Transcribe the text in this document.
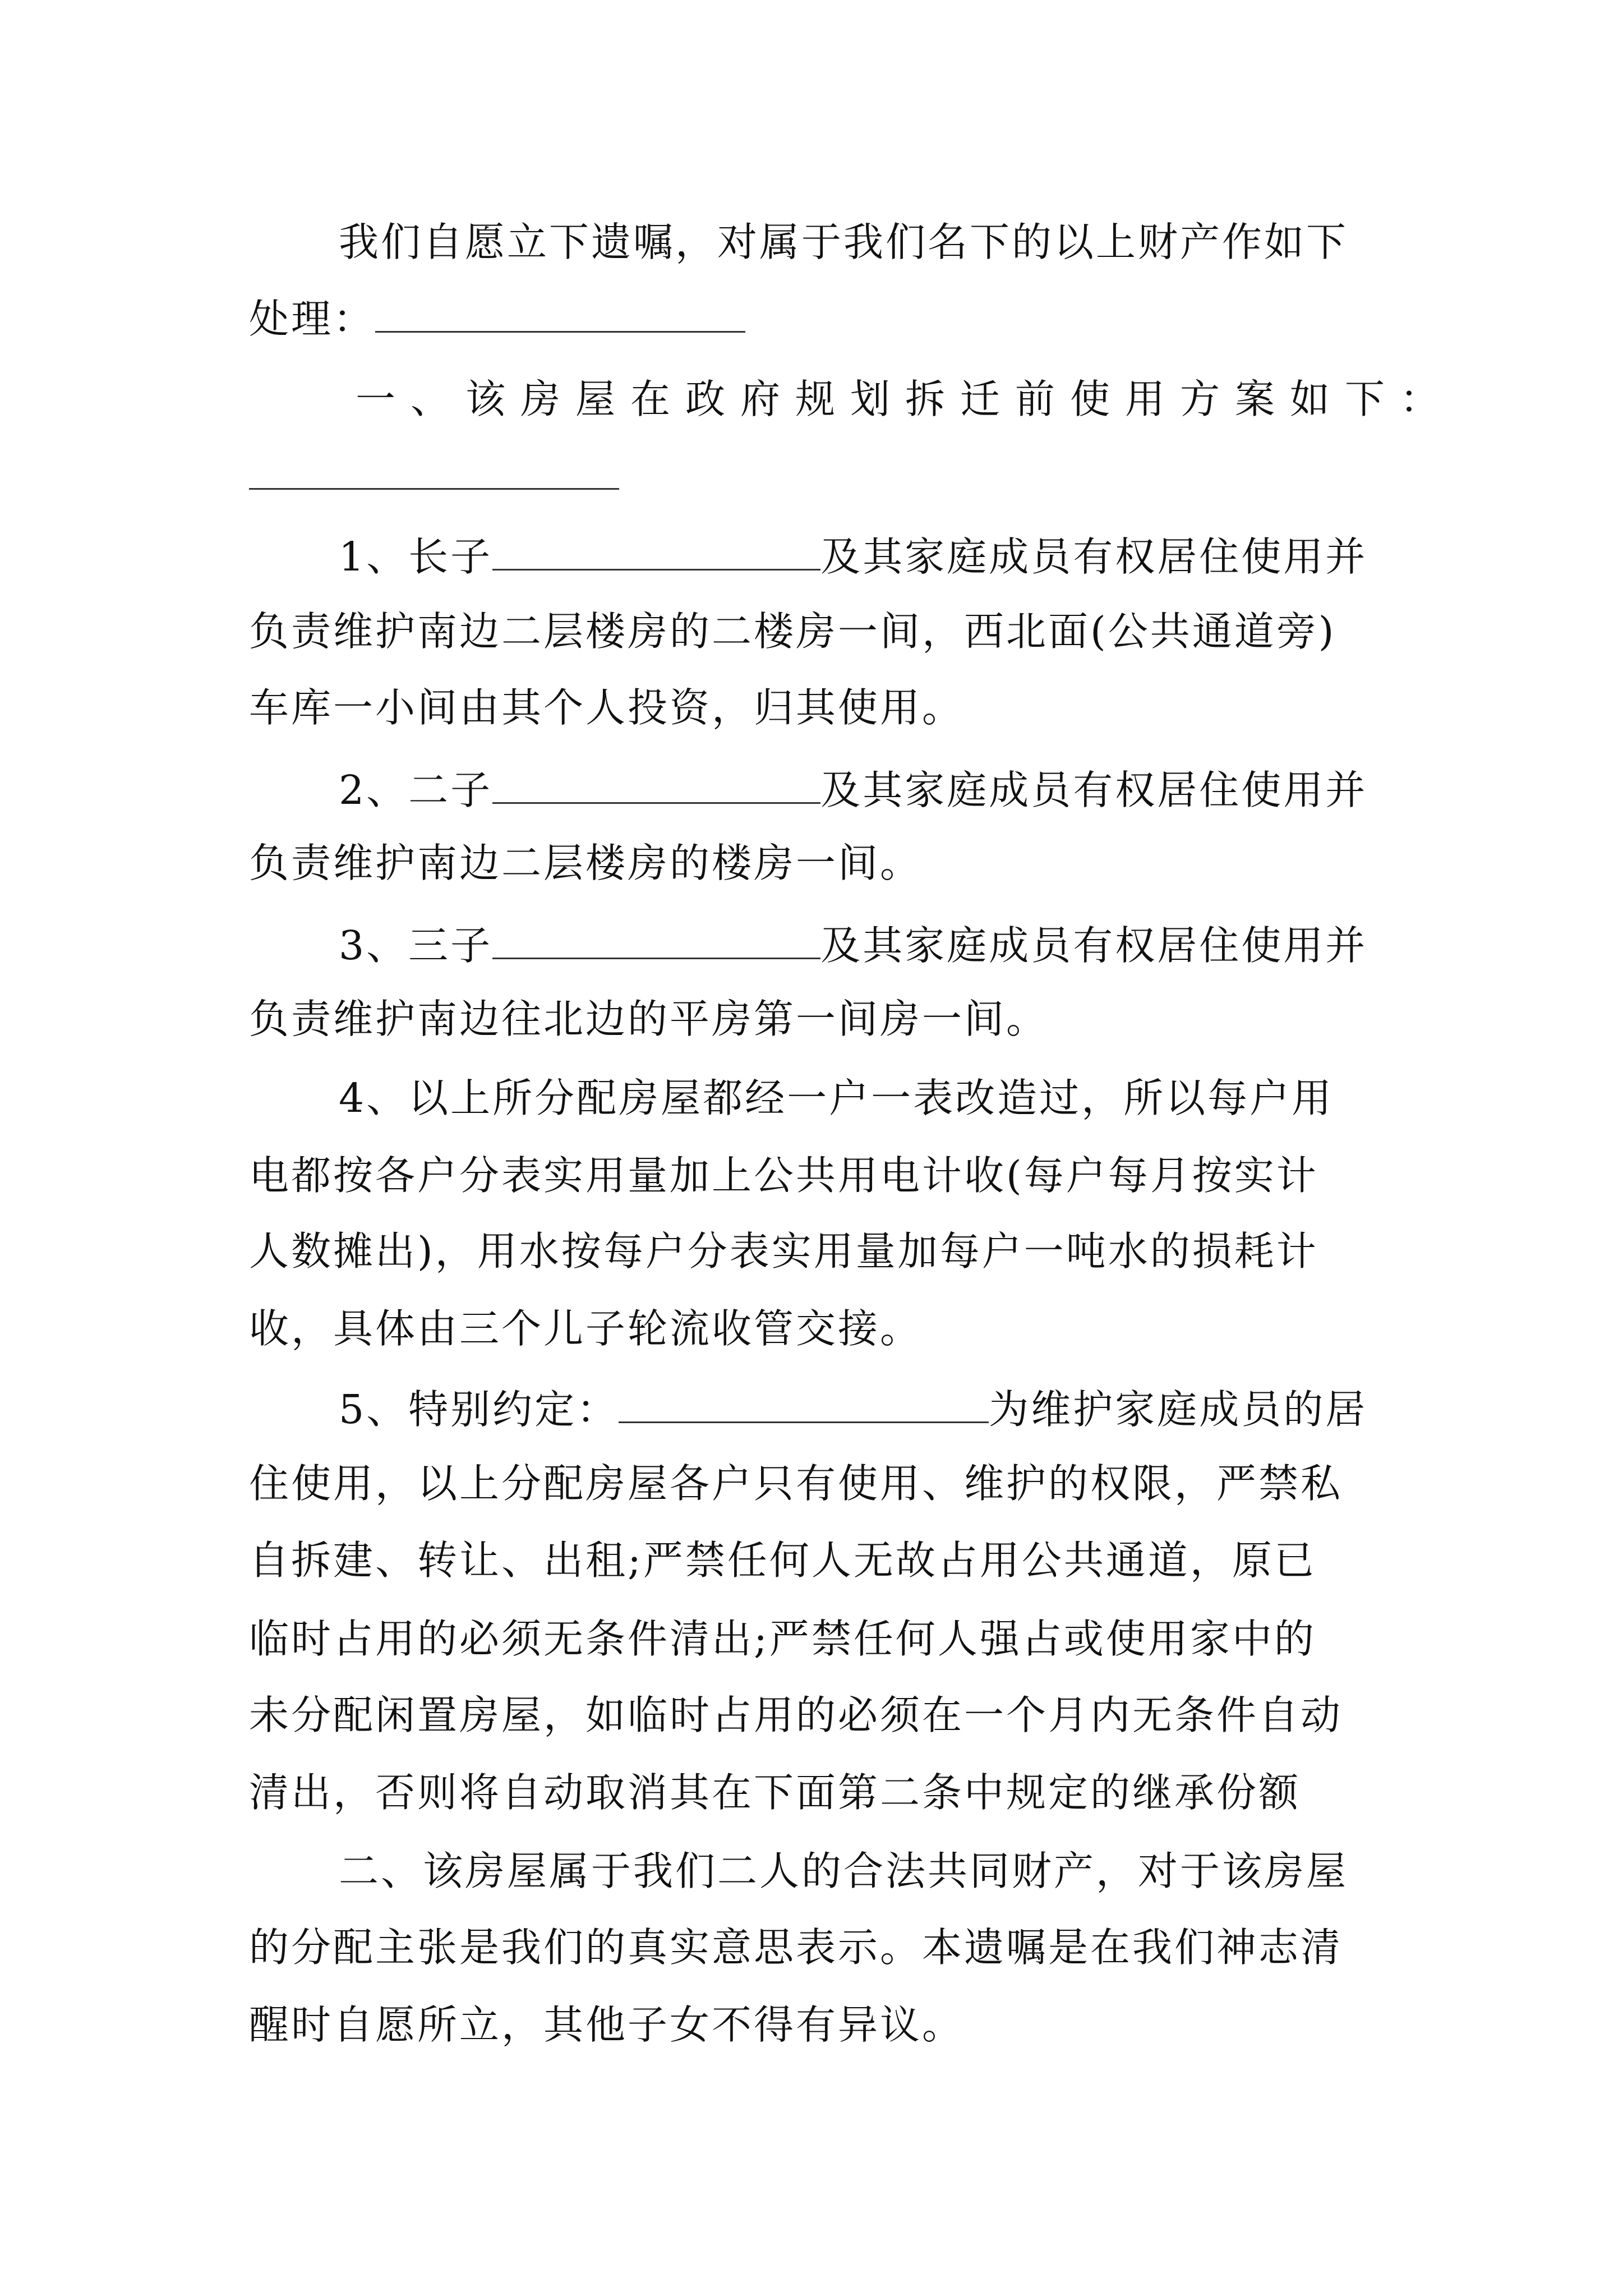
我们自愿立下遗嘱，对属于我们名下的以上财产作如下
处理：
一、该房屋在政府规划拆迁前使用方案如下：
1、长子	及其家庭成员有权居住使用并
负责维护南边二层楼房的二楼房一间，西北面(公共通道旁)
车库一小间由其个人投资，归其使用。
2、二子	及其家庭成员有权居住使用并
负责维护南边二层楼房的楼房一间。
3、三子	及其家庭成员有权居住使用并
负责维护南边往北边的平房第一间房一间。
4、以上所分配房屋都经一户一表改造过，所以每户用
电都按各户分表实用量加上公共用电计收(每户每月按实计
人数摊出)，用水按每户分表实用量加每户一吨水的损耗计
收，具体由三个儿子轮流收管交接。
5、特别约定：	为维护家庭成员的居
住使用，以上分配房屋各户只有使用、维护的权限，严禁私
自拆建、转让、出租;严禁任何人无故占用公共通道，原已
临时占用的必须无条件清出;严禁任何人强占或使用家中的
未分配闲置房屋，如临时占用的必须在一个月内无条件自动
清出，否则将自动取消其在下面第二条中规定的继承份额
二、该房屋属于我们二人的合法共同财产，对于该房屋
的分配主张是我们的真实意思表示。本遗嘱是在我们神志清
醒时自愿所立，其他子女不得有异议。
